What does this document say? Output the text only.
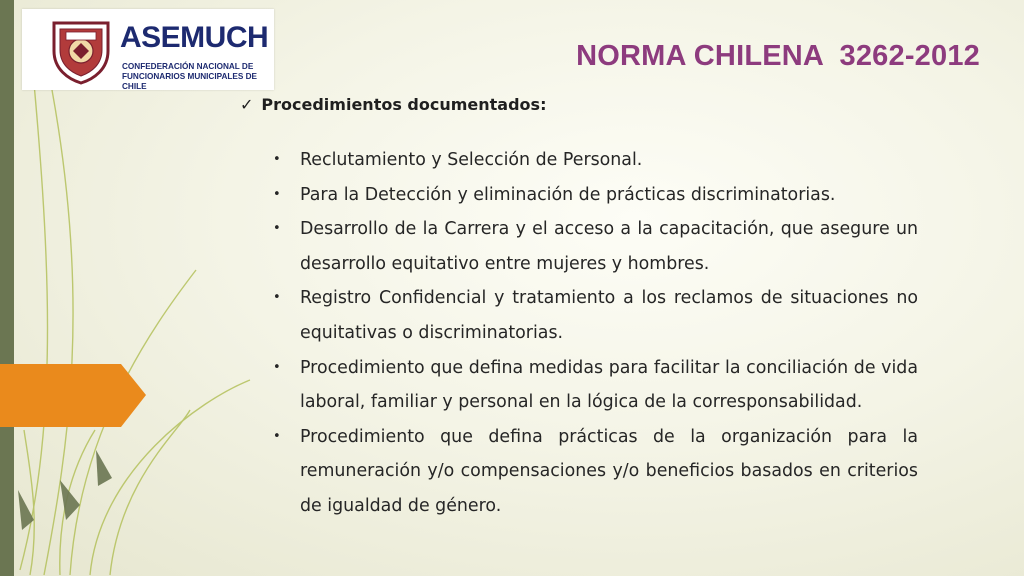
ASEMUCH
CONFEDERACIÓN NACIONAL DE
FUNCIONARIOS MUNICIPALES DE CHILE
NORMA CHILENA  3262-2012
✓ Procedimientos documentados:
• Reclutamiento y Selección de Personal.
• Para la Detección y eliminación de prácticas discriminatorias.
• Desarrollo de la Carrera y el acceso a la capacitación, que asegure un desarrollo equitativo entre mujeres y hombres.
• Registro Confidencial y tratamiento a los reclamos de situaciones no equitativas o discriminatorias.
• Procedimiento que defina medidas para facilitar la conciliación de vida laboral, familiar y personal en la lógica de la corresponsabilidad.
• Procedimiento que defina prácticas de la organización para la remuneración y/o compensaciones y/o beneficios basados en criterios de igualdad de género.
